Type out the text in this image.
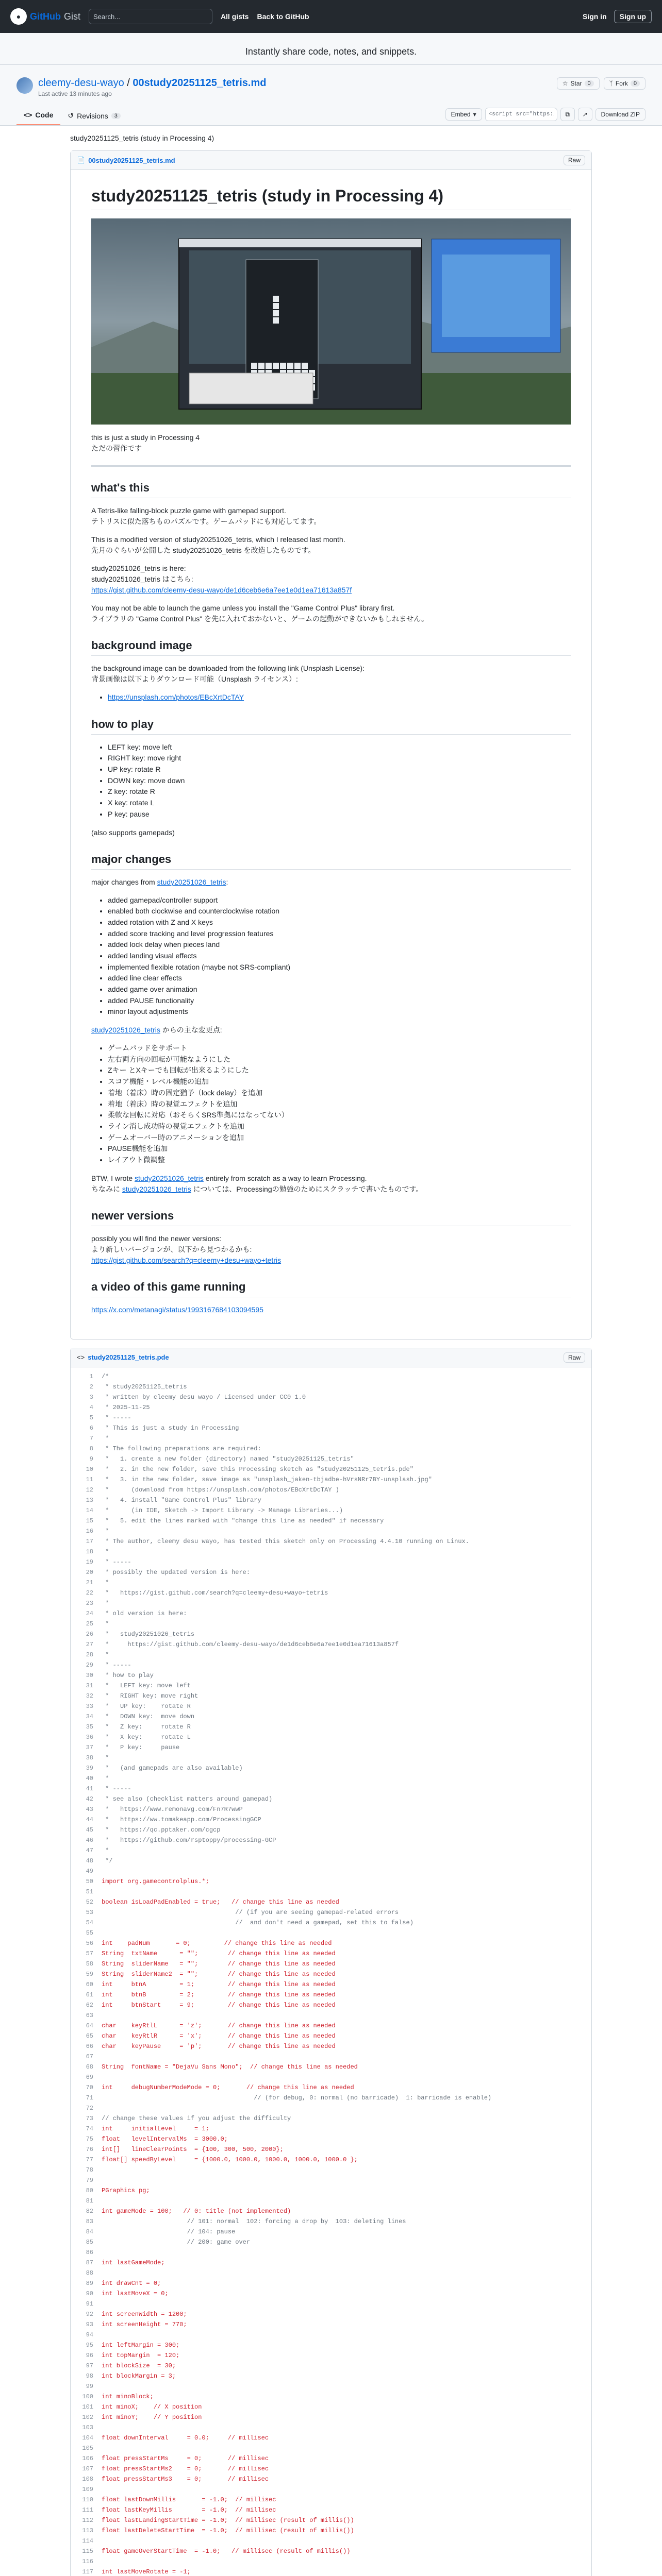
● GitHub Gist	Search...	All gists Back to GitHub	Sign in	Sign up
Instantly share code, notes, and snippets.
cleemy-desu-wayo / 00study20251125_tetris.md
Last active 13 minutes ago
☆ Star	0	ᛉ Fork	0
<> Code ↺ Revisions	3	Embed ▾
<script src="https://...	⧉ ↗	Download ZIP
study20251125_tetris (study in Processing 4)
📄 00study20251125_tetris.md	Raw
study20251125_tetris (study in Processing 4)

this is just a study in Processing 4
ただの習作です

what's this

A Tetris-like falling-block puzzle game with gamepad support.
テトリスに似た落ちものパズルです。ゲームパッドにも対応してます。

This is a modified version of study20251026_tetris, which I released last month.
先月のぐらいが公開した study20251026_tetris を改造したものです。

study20251026_tetris is here:
study20251026_tetris はこちら:
https://gist.github.com/cleemy-desu-wayo/de1d6ceb6e6a7ee1e0d1ea71613a857f

You may not be able to launch the game unless you install the "Game Control Plus" library first.
ライブラリの "Game Control Plus" を先に入れておかないと、ゲームの起動ができないかもしれません。

background image

the background image can be downloaded from the following link (Unsplash License):
背景画像は以下よりダウンロード可能（Unsplash ライセンス）:

• https://unsplash.com/photos/EBcXrtDcTAY
how to play
• LEFT key: move left
• RIGHT key: move right
• UP key: rotate R
• DOWN key: move down
• Z key: rotate R
• X key: rotate L
• P key: pause

(also supports gamepads)

major changes

major changes from study20251026_tetris:

• added gamepad/controller support
• enabled both clockwise and counterclockwise rotation
• added rotation with Z and X keys
• added score tracking and level progression features
• added lock delay when pieces land
• added landing visual effects
• implemented flexible rotation (maybe not SRS-compliant)
• added line clear effects
• added game over animation
• added PAUSE functionality
• minor layout adjustments

study20251026_tetris からの主な変更点:

• ゲームパッドをサポート
• 左右両方向の回転が可能なようにした
• Zキー とXキーでも回転が出来るようにした
• スコア機能・レベル機能の追加
• 着地（着床）時の固定猶予（lock delay）を追加
• 着地（着床）時の視覚エフェクトを追加
• 柔軟な回転に対応（おそらくSRS準拠にはなってない）
• ライン消し成功時の視覚エフェクトを追加
• ゲームオーバー時のアニメーションを追加
• PAUSE機能を追加
• レイアウト微調整

BTW, I wrote study20251026_tetris entirely from scratch as a way to learn Processing.
ちなみに study20251026_tetris については、Processingの勉強のためにスクラッチで書いたものです。

newer versions

possibly you will find the newer versions:
より新しいバージョンが、以下から見つかるかも:
https://gist.github.com/search?q=cleemy+desu+wayo+tetris

a video of this game running

https://x.com/metanagi/status/1993167684103094595

<> study20251125_tetris.pde	Raw
1	/*
2	* study20251125_tetris
3	* written by cleemy desu wayo / Licensed under CC0 1.0
4	* 2025-11-25
5	* -----
6	* This is just a study in Processing
7	*
8	* The following preparations are required:
9	*   1. create a new folder (directory) named "study20251125_tetris"
10	*   2. in the new folder, save this Processing sketch as "study20251125_tetris.pde"
11	*   3. in the new folder, save image as "unsplash_jaken-tbjadbe-hVrsNRr7BY-unsplash.jpg"
12	*      (download from https://unsplash.com/photos/EBcXrtDcTAY )
13	*   4. install "Game Control Plus" library
14	*      (in IDE, Sketch -> Import Library -> Manage Libraries...)
15	*   5. edit the lines marked with "change this line as needed" if necessary
16	*
17	* The author, cleemy desu wayo, has tested this sketch only on Processing 4.4.10 running on Linux.
18	*
19	* -----
20	* possibly the updated version is here:
21	*
22	*   https://gist.github.com/search?q=cleemy+desu+wayo+tetris
23	*
24	* old version is here:
25	*
26	*   study20251026_tetris
27	*     https://gist.github.com/cleemy-desu-wayo/de1d6ceb6e6a7ee1e0d1ea71613a857f
28	*
29	* -----
30	* how to play
31	*   LEFT key: move left
32	*   RIGHT key: move right
33	*   UP key:    rotate R
34	*   DOWN key:  move down
35	*   Z key:     rotate R
36	*   X key:     rotate L
37	*   P key:     pause
38	*
39	*   (and gamepads are also available)
40	*
41	* -----
42	* see also (checklist matters around gamepad)
43	*   https://www.remonavg.com/Fn7R7wwP
44	*   https://ww.tomakeapp.com/ProcessingGCP
45	*   https://qc.pptaker.com/cgcp
46	*   https://github.com/rsptoppy/processing-GCP
47	*
48	*/
49
50	import org.gamecontrolplus.*;
51
52	boolean isLoadPadEnabled = true;   // change this line as needed
53	// (if you are seeing gamepad-related errors
54	//  and don't need a gamepad, set this to false)
55
56	int    padNum       = 0;         // change this line as needed
57	String  txtName      = "";        // change this line as needed
58	String  sliderName   = "";        // change this line as needed
59	String  sliderName2  = "";        // change this line as needed
60	int     btnA         = 1;         // change this line as needed
61	int     btnB         = 2;         // change this line as needed
62	int     btnStart     = 9;         // change this line as needed
63
64	char    keyRtlL      = 'z';       // change this line as needed
65	char    keyRtlR      = 'x';       // change this line as needed
66	char    keyPause     = 'p';       // change this line as needed
67
68	String  fontName = "DejaVu Sans Mono";  // change this line as needed
69
70	int     debugNumberModeMode = 0;       // change this line as needed
71	// (for debug, 0: normal (no barricade)  1: barricade is enable)
72
73	// change these values if you adjust the difficulty
74	int     initialLevel     = 1;
75	float   levelIntervalMs  = 3000.0;
76	int[]   lineClearPoints  = {100, 300, 500, 2000};
77	float[] speedByLevel     = {1000.0, 1000.0, 1000.0, 1000.0, 1000.0 };
78
79
80	PGraphics pg;
81
82	int gameMode = 100;   // 0: title (not implemented)
83	// 101: normal  102: forcing a drop by  103: deleting lines
84	// 104: pause
85	// 200: game over
86
87	int lastGameMode;
88
89	int drawCnt = 0;
90	int lastMoveX = 0;
91
92	int screenWidth = 1200;
93	int screenHeight = 770;
94
95	int leftMargin = 300;
96	int topMargin  = 120;
97	int blockSize  = 30;
98	int blockMargin = 3;
99
100	int minoBlock;
101	int minoX;    // X position
102	int minoY;    // Y position
103
104	float downInterval     = 0.0;     // millisec
105
106	float pressStartMs     = 0;       // millisec
107	float pressStartMs2    = 0;       // millisec
108	float pressStartMs3    = 0;       // millisec
109
110	float lastDownMillis       = -1.0;  // millisec
111	float lastKeyMillis        = -1.0;  // millisec
112	float lastLandingStartTime = -1.0;  // millisec (result of millis())
113	float lastDeleteStartTime  = -1.0;  // millisec (result of millis())
114
115	float gameOverStartTime  = -1.0;   // millisec (result of millis())
116
117	int lastMoveRotate = -1;
